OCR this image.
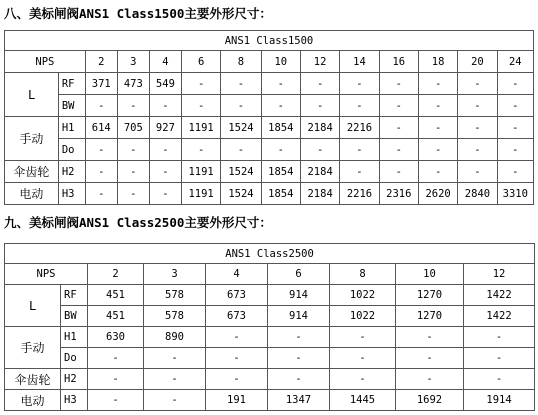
八、美标闸阀ANS1 Class1500主要外形尺寸：
ANS1 Class1500													
NPS		2	3	4	6	8	10	12	14	16	18	20	24
L	RF	371	473	549	-	-	-	-	-	-	-	-	-
	BW	-	-	-	-	-	-	-	-	-	-	-	-
手动	H1	614	705	927	1191	1524	1854	2184	2216	-	-	-	-
	Do	-	-	-	-	-	-	-	-	-	-	-	-
伞齿轮	H2	-	-	-	1191	1524	1854	2184	-	-	-	-	-
电动	H3	-	-	-	1191	1524	1854	2184	2216	2316	2620	2840	3310
九、美标闸阀ANS1 Class2500主要外形尺寸：
ANS1 Class2500								
NPS		2	3	4	6	8	10	12
L	RF	451	578	673	914	1022	1270	1422
	BW	451	578	673	914	1022	1270	1422
手动	H1	630	890	-	-	-	-	-
	Do	-	-	-	-	-	-	-
伞齿轮	H2	-	-	-	-	-	-	-
电动	H3	-	-	191	1347	1445	1692	1914
